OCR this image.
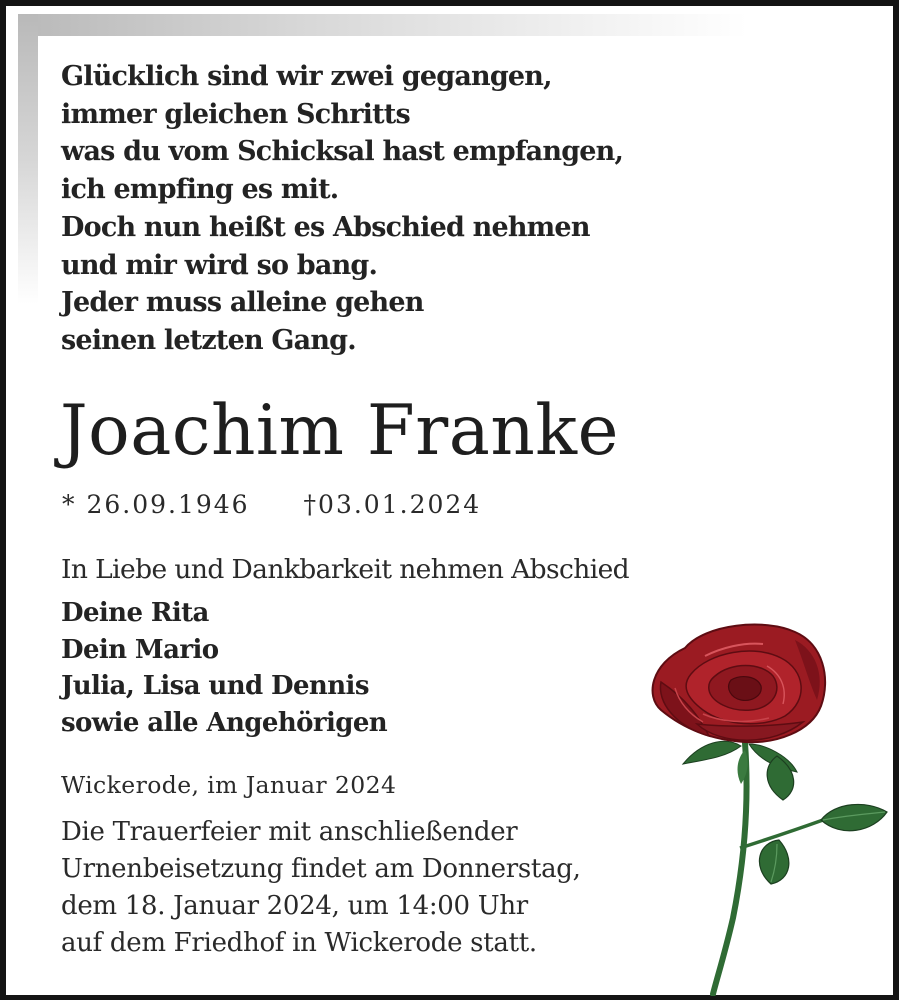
Glücklich sind wir zwei gegangen,
immer gleichen Schritts
was du vom Schicksal hast empfangen,
ich empfing es mit.
Doch nun heißt es Abschied nehmen
und mir wird so bang.
Jeder muss alleine gehen
seinen letzten Gang.
Joachim Franke
* 26.09.1946 †03.01.2024
In Liebe und Dankbarkeit nehmen Abschied
Deine Rita
Dein Mario
Julia, Lisa und Dennis
sowie alle Angehörigen
Wickerode, im Januar 2024
Die Trauerfeier mit anschließender
Urnenbeisetzung findet am Donnerstag,
dem 18. Januar 2024, um 14:00 Uhr
auf dem Friedhof in Wickerode statt.
